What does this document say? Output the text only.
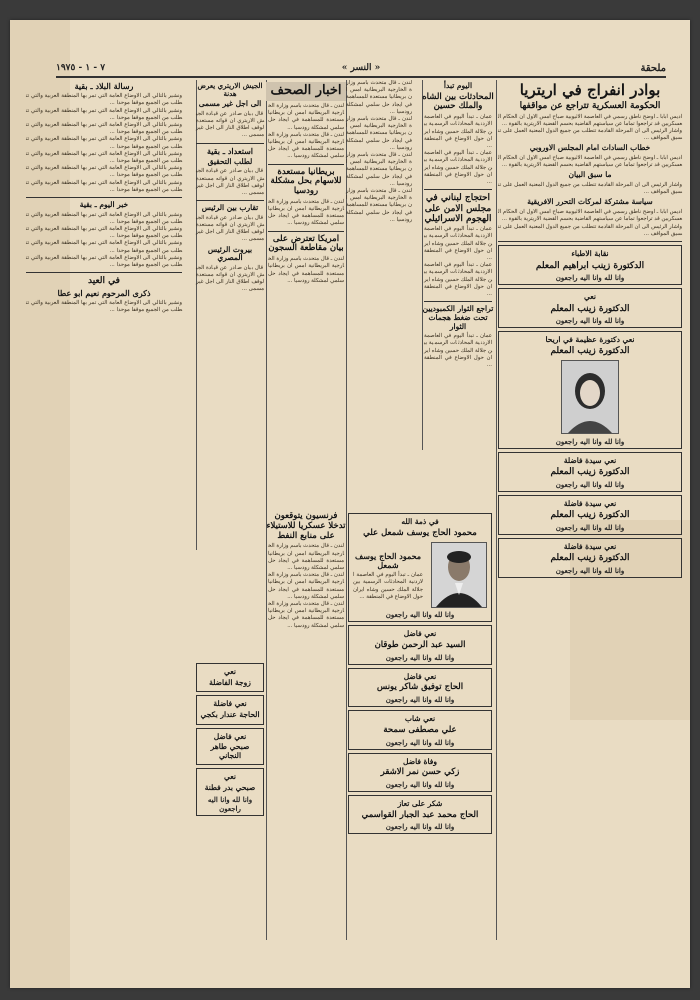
ملحقة
« النسر »
٧ - ١ - ١٩٧٥
بوادر انفراج في اريتريا
الحكومة العسكرية تتراجع عن مواقفها
اديس ابابا ـ اوضح ناطق رسمي في العاصمة الاثيوبية صباح امس الاول ان الحكام العسكريين قد تراجعوا تماما عن سياستهم القاضية بحسم القضية الاريترية بالقوة ...
واشار الرئيس الى ان المرحلة القادمة تتطلب من جميع الدول المعنية العمل على تنسيق المواقف ...
خطاب السادات امام المجلس الاوروبي
اديس ابابا ـ اوضح ناطق رسمي في العاصمة الاثيوبية صباح امس الاول ان الحكام العسكريين قد تراجعوا تماما عن سياستهم القاضية بحسم القضية الاريترية بالقوة ...
ما سبق البيان
واشار الرئيس الى ان المرحلة القادمة تتطلب من جميع الدول المعنية العمل على تنسيق المواقف ...
سياسة مشتركة لمركات التحرر الافريقية
اديس ابابا ـ اوضح ناطق رسمي في العاصمة الاثيوبية صباح امس الاول ان الحكام العسكريين قد تراجعوا تماما عن سياستهم القاضية بحسم القضية الاريترية بالقوة ...
واشار الرئيس الى ان المرحلة القادمة تتطلب من جميع الدول المعنية العمل على تنسيق المواقف ...
نقابة الاطباء
الدكتورة زينب ابراهيم المعلم
وانا لله وانا اليه راجعون
نعي
الدكتورة زينب المعلم
وانا لله وانا اليه راجعون
نعي دكتورة عظيمة في اريحا
الدكتورة زينب المعلم
وانا لله وانا اليه راجعون
نعي سيدة فاضلة
الدكتورة زينب المعلم
وانا لله وانا اليه راجعون
نعي سيدة فاضلة
الدكتورة زينب المعلم
وانا لله وانا اليه راجعون
نعي سيدة فاضلة
الدكتورة زينب المعلم
وانا لله وانا اليه راجعون
اليوم تبدأ
المحادثات بين الشاه والملك حسين
عمان ـ تبدأ اليوم في العاصمة الاردنية المحادثات الرسمية بين جلالة الملك حسين وشاه ايران حول الاوضاع في المنطقة ...
عمان ـ تبدأ اليوم في العاصمة الاردنية المحادثات الرسمية بين جلالة الملك حسين وشاه ايران حول الاوضاع في المنطقة ...
احتجاج لبناني في مجلس الامن على الهجوم الاسرائيلي
عمان ـ تبدأ اليوم في العاصمة الاردنية المحادثات الرسمية بين جلالة الملك حسين وشاه ايران حول الاوضاع في المنطقة ...
عمان ـ تبدأ اليوم في العاصمة الاردنية المحادثات الرسمية بين جلالة الملك حسين وشاه ايران حول الاوضاع في المنطقة ...
تراجع الثوار الكمبوديين تحت ضغط هجمات الثوار
عمان ـ تبدأ اليوم في العاصمة الاردنية المحادثات الرسمية بين جلالة الملك حسين وشاه ايران حول الاوضاع في المنطقة ...
في ذمة الله
محمود الحاج يوسف شمعل علي
محمود الحاج يوسف شمعل
عمان ـ تبدأ اليوم في العاصمة الاردنية المحادثات الرسمية بين جلالة الملك حسين وشاه ايران حول الاوضاع في المنطقة ...
وانا لله وانا اليه راجعون
نعي فاضل
السيد عبد الرحمن طوقان
وانا لله وانا اليه راجعون
نعي فاضل
الحاج توفيق شاكر يونس
وانا لله وانا اليه راجعون
نعي شاب
علي مصطفى سمحة
وانا لله وانا اليه راجعون
وفاة فاضل
زكي حسن نمر الاشقر
وانا لله وانا اليه راجعون
شكر على تعاز
الحاج محمد عبد الجبار القواسمي
وانا لله وانا اليه راجعون
لندن ـ قال متحدث باسم وزارة الخارجية البريطانية امس ان بريطانيا مستعدة للمساهمة في ايجاد حل سلمي لمشكلة رودسيا ...
لندن ـ قال متحدث باسم وزارة الخارجية البريطانية امس ان بريطانيا مستعدة للمساهمة في ايجاد حل سلمي لمشكلة رودسيا ...
لندن ـ قال متحدث باسم وزارة الخارجية البريطانية امس ان بريطانيا مستعدة للمساهمة في ايجاد حل سلمي لمشكلة رودسيا ...
لندن ـ قال متحدث باسم وزارة الخارجية البريطانية امس ان بريطانيا مستعدة للمساهمة في ايجاد حل سلمي لمشكلة رودسيا ...
اخبار الصحف
لندن ـ قال متحدث باسم وزارة الخارجية البريطانية امس ان بريطانيا مستعدة للمساهمة في ايجاد حل سلمي لمشكلة رودسيا ...
لندن ـ قال متحدث باسم وزارة الخارجية البريطانية امس ان بريطانيا مستعدة للمساهمة في ايجاد حل سلمي لمشكلة رودسيا ...
بريطانيا مستعدة للاسهام بحل مشكلة رودسيا
لندن ـ قال متحدث باسم وزارة الخارجية البريطانية امس ان بريطانيا مستعدة للمساهمة في ايجاد حل سلمي لمشكلة رودسيا ...
امريكا تعترض على بيان مقاطعة السجون
لندن ـ قال متحدث باسم وزارة الخارجية البريطانية امس ان بريطانيا مستعدة للمساهمة في ايجاد حل سلمي لمشكلة رودسيا ...
فرنسيون يتوقعون تدخلا عسكريا للاستيلاء على منابع النفط
لندن ـ قال متحدث باسم وزارة الخارجية البريطانية امس ان بريطانيا مستعدة للمساهمة في ايجاد حل سلمي لمشكلة رودسيا ...
لندن ـ قال متحدث باسم وزارة الخارجية البريطانية امس ان بريطانيا مستعدة للمساهمة في ايجاد حل سلمي لمشكلة رودسيا ...
لندن ـ قال متحدث باسم وزارة الخارجية البريطانية امس ان بريطانيا مستعدة للمساهمة في ايجاد حل سلمي لمشكلة رودسيا ...
الجيش الاريتري يعرض هدنة
الى اجل غير مسمى
قال بيان صادر عن قيادة الجيش الاريتري ان قواته مستعدة لوقف اطلاق النار الى اجل غير مسمى ...
استعداد ـ بقية
لطلب التحقيق
قال بيان صادر عن قيادة الجيش الاريتري ان قواته مستعدة لوقف اطلاق النار الى اجل غير مسمى ...
تقارب بين الرئيس
قال بيان صادر عن قيادة الجيش الاريتري ان قواته مستعدة لوقف اطلاق النار الى اجل غير مسمى ...
بيروت الرئيس المصري
قال بيان صادر عن قيادة الجيش الاريتري ان قواته مستعدة لوقف اطلاق النار الى اجل غير مسمى ...
نعي
زوجة الفاضلة
نعي فاضلة
الحاجة عندار بكجي
نعي فاضل
صبحي طاهر النجاني
نعي
صبحي بدر فطنة
وانا لله وانا اليه راجعون
رسالة البلاد ـ بقية
ونشير بالتالي الى الاوضاع العامة التي تمر بها المنطقة العربية والتي تتطلب من الجميع موقفا موحدا ...
ونشير بالتالي الى الاوضاع العامة التي تمر بها المنطقة العربية والتي تتطلب من الجميع موقفا موحدا ...
ونشير بالتالي الى الاوضاع العامة التي تمر بها المنطقة العربية والتي تتطلب من الجميع موقفا موحدا ...
ونشير بالتالي الى الاوضاع العامة التي تمر بها المنطقة العربية والتي تتطلب من الجميع موقفا موحدا ...
ونشير بالتالي الى الاوضاع العامة التي تمر بها المنطقة العربية والتي تتطلب من الجميع موقفا موحدا ...
ونشير بالتالي الى الاوضاع العامة التي تمر بها المنطقة العربية والتي تتطلب من الجميع موقفا موحدا ...
ونشير بالتالي الى الاوضاع العامة التي تمر بها المنطقة العربية والتي تتطلب من الجميع موقفا موحدا ...
خبر اليوم ـ بقية
ونشير بالتالي الى الاوضاع العامة التي تمر بها المنطقة العربية والتي تتطلب من الجميع موقفا موحدا ...
ونشير بالتالي الى الاوضاع العامة التي تمر بها المنطقة العربية والتي تتطلب من الجميع موقفا موحدا ...
ونشير بالتالي الى الاوضاع العامة التي تمر بها المنطقة العربية والتي تتطلب من الجميع موقفا موحدا ...
ونشير بالتالي الى الاوضاع العامة التي تمر بها المنطقة العربية والتي تتطلب من الجميع موقفا موحدا ...
في العيد
ذكرى المرحوم نعيم ابو عطا
ونشير بالتالي الى الاوضاع العامة التي تمر بها المنطقة العربية والتي تتطلب من الجميع موقفا موحدا ...
